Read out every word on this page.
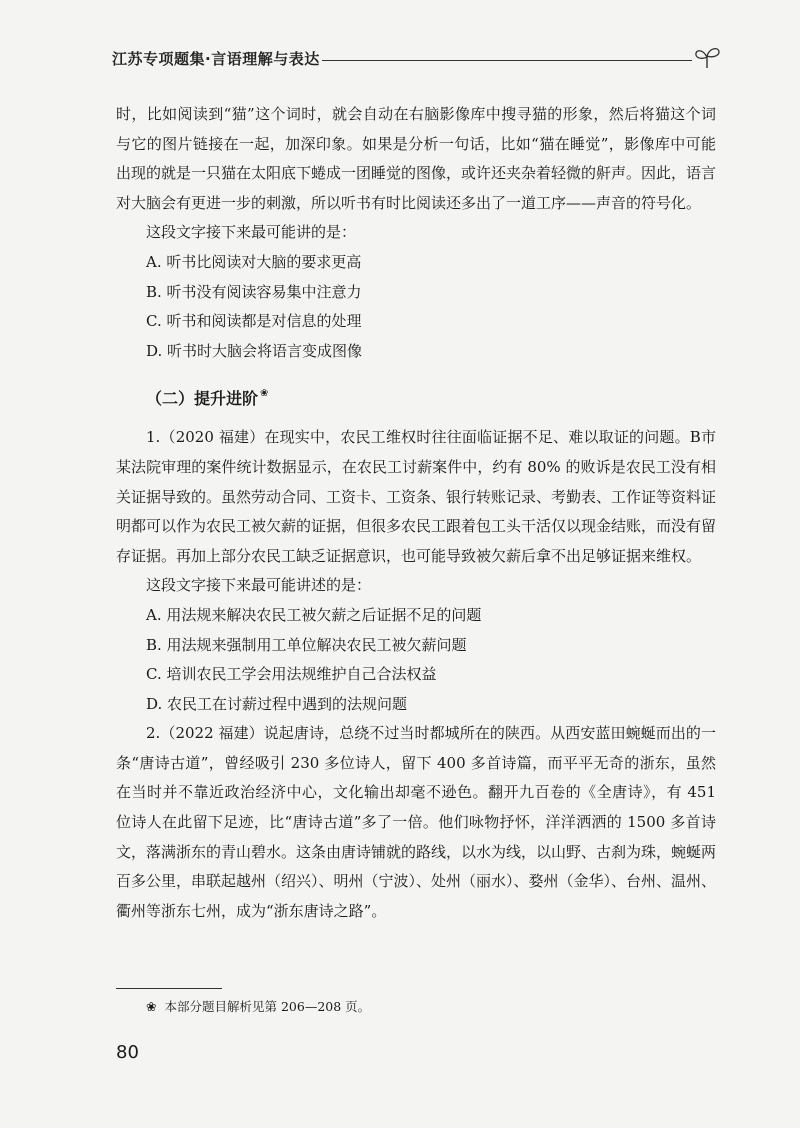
江苏专项题集·言语理解与表达

时，比如阅读到“猫”这个词时，就会自动在右脑影像库中搜寻猫的形象，然后将猫这个词与它的图片链接在一起，加深印象。如果是分析一句话，比如“猫在睡觉”，影像库中可能出现的就是一只猫在太阳底下蜷成一团睡觉的图像，或许还夹杂着轻微的鼾声。因此，语言对大脑会有更进一步的刺激，所以听书有时比阅读还多出了一道工序——声音的符号化。

这段文字接下来最可能讲的是：

A. 听书比阅读对大脑的要求更高

B. 听书没有阅读容易集中注意力

C. 听书和阅读都是对信息的处理

D. 听书时大脑会将语言变成图像

（二）提升进阶 ❀

1.（2020 福建）在现实中，农民工维权时往往面临证据不足、难以取证的问题。B市某法院审理的案件统计数据显示，在农民工讨薪案件中，约有 80% 的败诉是农民工没有相关证据导致的。虽然劳动合同、工资卡、工资条、银行转账记录、考勤表、工作证等资料证明都可以作为农民工被欠薪的证据，但很多农民工跟着包工头干活仅以现金结账，而没有留存证据。再加上部分农民工缺乏证据意识，也可能导致被欠薪后拿不出足够证据来维权。

这段文字接下来最可能讲述的是：

A. 用法规来解决农民工被欠薪之后证据不足的问题

B. 用法规来强制用工单位解决农民工被欠薪问题

C. 培训农民工学会用法规维护自己合法权益

D. 农民工在讨薪过程中遇到的法规问题

2.（2022 福建）说起唐诗，总绕不过当时都城所在的陕西。从西安蓝田蜿蜒而出的一条“唐诗古道”，曾经吸引 230 多位诗人，留下 400 多首诗篇，而平平无奇的浙东，虽然在当时并不靠近政治经济中心，文化输出却毫不逊色。翻开九百卷的《全唐诗》，有 451 位诗人在此留下足迹，比“唐诗古道”多了一倍。他们咏物抒怀，洋洋洒洒的 1500 多首诗文，落满浙东的青山碧水。这条由唐诗铺就的路线，以水为线，以山野、古刹为珠，蜿蜒两百多公里，串联起越州（绍兴）、明州（宁波）、处州（丽水）、婺州（金华）、台州、温州、衢州等浙东七州，成为“浙东唐诗之路”。

❀ 本部分题目解析见第 206—208 页。
80
